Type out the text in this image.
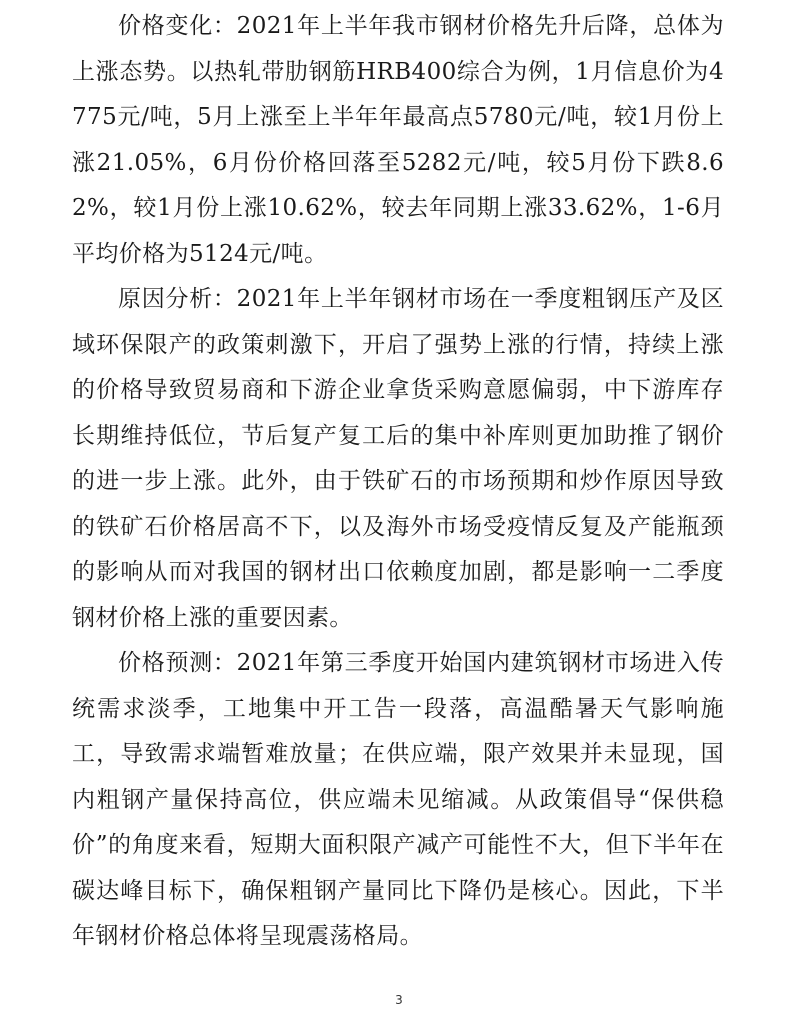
价格变化：2021年上半年我市钢材价格先升后降，总体为上涨态势。以热轧带肋钢筋HRB400综合为例，1月信息价为4775元/吨，5月上涨至上半年年最高点5780元/吨，较1月份上涨21.05%，6月份价格回落至5282元/吨，较5月份下跌8.62%，较1月份上涨10.62%，较去年同期上涨33.62%，1-6月平均价格为5124元/吨。

原因分析：2021年上半年钢材市场在一季度粗钢压产及区域环保限产的政策刺激下，开启了强势上涨的行情，持续上涨的价格导致贸易商和下游企业拿货采购意愿偏弱，中下游库存长期维持低位，节后复产复工后的集中补库则更加助推了钢价的进一步上涨。此外，由于铁矿石的市场预期和炒作原因导致的铁矿石价格居高不下，以及海外市场受疫情反复及产能瓶颈的影响从而对我国的钢材出口依赖度加剧，都是影响一二季度钢材价格上涨的重要因素。

价格预测：2021年第三季度开始国内建筑钢材市场进入传统需求淡季，工地集中开工告一段落，高温酷暑天气影响施工，导致需求端暂难放量；在供应端，限产效果并未显现，国内粗钢产量保持高位，供应端未见缩减。从政策倡导“保供稳价”的角度来看，短期大面积限产减产可能性不大，但下半年在碳达峰目标下，确保粗钢产量同比下降仍是核心。因此，下半年钢材价格总体将呈现震荡格局。

3
